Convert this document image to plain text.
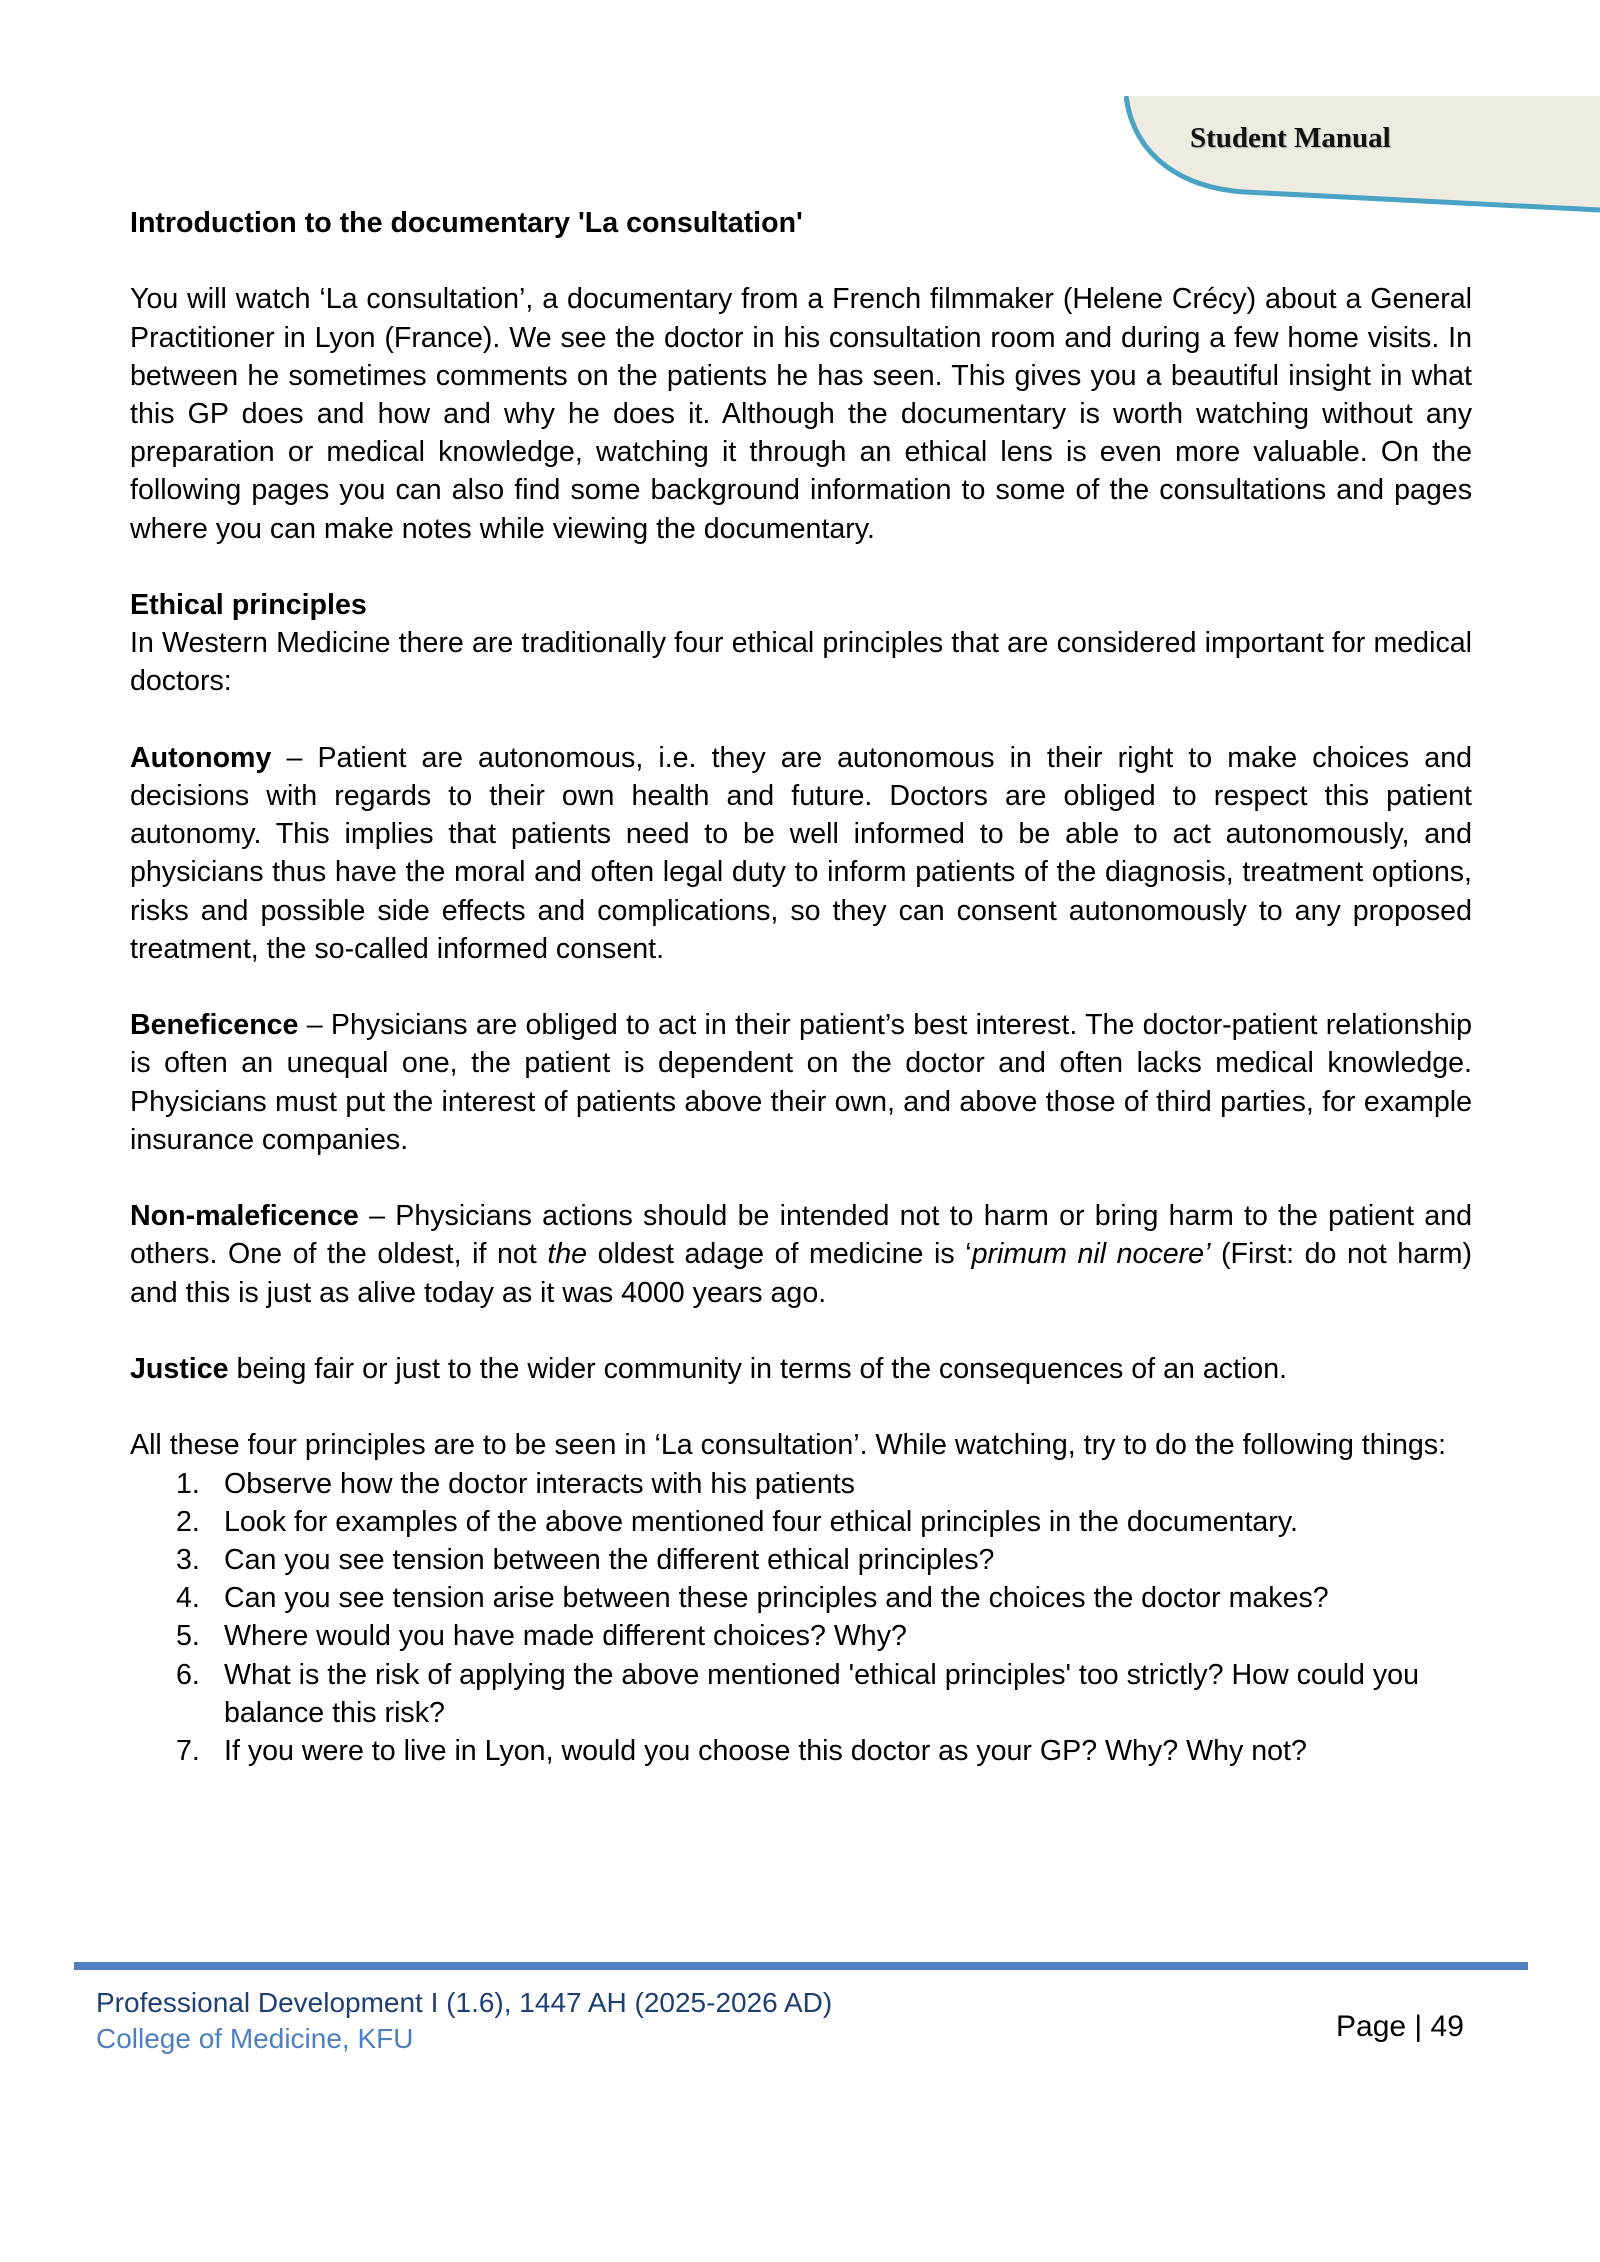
Student Manual

Introduction to the documentary 'La consultation'

You will watch ‘La consultation’, a documentary from a French filmmaker (Helene Crécy) about a General Practitioner in Lyon (France). We see the doctor in his consultation room and during a few home visits. In between he sometimes comments on the patients he has seen. This gives you a beautiful insight in what this GP does and how and why he does it. Although the documentary is worth watching without any preparation or medical knowledge, watching it through an ethical lens is even more valuable. On the following pages you can also find some background information to some of the consultations and pages where you can make notes while viewing the documentary.

Ethical principles

In Western Medicine there are traditionally four ethical principles that are considered important for medical doctors:

Autonomy – Patient are autonomous, i.e. they are autonomous in their right to make choices and decisions with regards to their own health and future. Doctors are obliged to respect this patient autonomy. This implies that patients need to be well informed to be able to act autonomously, and physicians thus have the moral and often legal duty to inform patients of the diagnosis, treatment options, risks and possible side effects and complications, so they can consent autonomously to any proposed treatment, the so-called informed consent.

Beneficence – Physicians are obliged to act in their patient’s best interest. The doctor-patient relationship is often an unequal one, the patient is dependent on the doctor and often lacks medical knowledge. Physicians must put the interest of patients above their own, and above those of third parties, for example insurance companies.

Non-maleficence – Physicians actions should be intended not to harm or bring harm to the patient and others. One of the oldest, if not the oldest adage of medicine is ‘primum nil nocere’ (First: do not harm) and this is just as alive today as it was 4000 years ago.

Justice being fair or just to the wider community in terms of the consequences of an action.

All these four principles are to be seen in ‘La consultation’. While watching, try to do the following things:

1. Observe how the doctor interacts with his patients
2. Look for examples of the above mentioned four ethical principles in the documentary.
3. Can you see tension between the different ethical principles?
4. Can you see tension arise between these principles and the choices the doctor makes?
5. Where would you have made different choices? Why?
6. What is the risk of applying the above mentioned 'ethical principles' too strictly? How could you balance this risk?
7. If you were to live in Lyon, would you choose this doctor as your GP? Why? Why not?
Professional Development I (1.6), 1447 AH (2025-2026 AD)
College of Medicine, KFU	Page | 49
